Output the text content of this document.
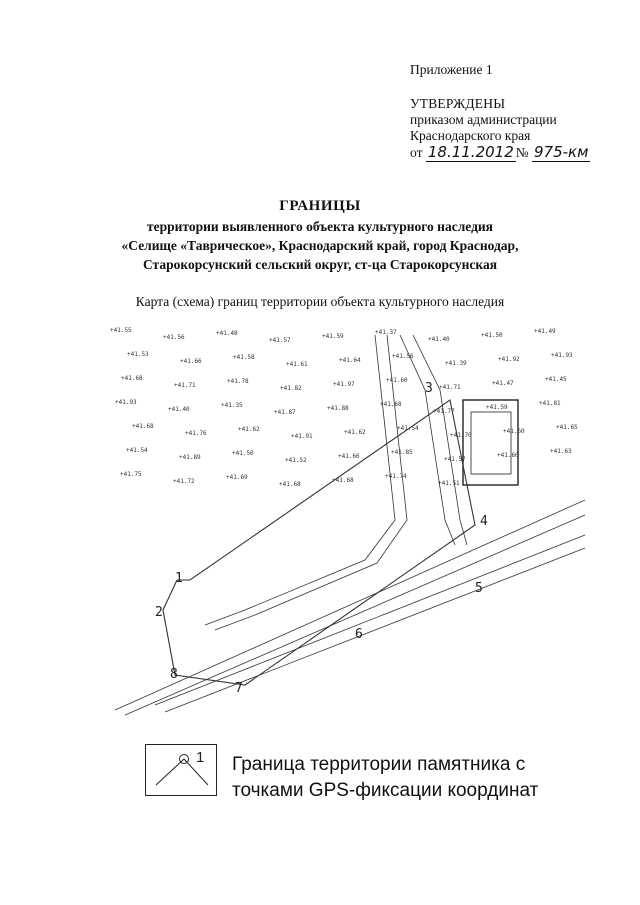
Приложение 1
УТВЕРЖДЕНЫ
приказом администрации
Краснодарского края
от 18.11.2012 № 975-км
ГРАНИЦЫ
территории выявленного объекта культурного наследия
«Селище «Таврическое», Краснодарский край, город Краснодар,
Старокорсунский сельский округ, ст-ца Старокорсунская
Карта (схема) границ территории объекта культурного наследия
1
2
3
4
5
6
7
8
+41.55
+41.56
+41.48
+41.57
+41.59
+41.37
+41.40
+41.50
+41.49
+41.53
+41.66
+41.58
+41.61
+41.64
+41.56
+41.39
+41.92
+41.93
+41.68
+41.71
+41.78
+41.82
+41.97
+41.60
+41.71
+41.47
+41.45
+41.93
+41.40
+41.35
+41.87
+41.88
+41.68
+41.77
+41.59
+41.81
+41.68
+41.76
+41.62
+41.91
+41.62
+41.54
+41.70
+41.60
+41.65
+41.54
+41.89
+41.50
+41.52
+41.66
+41.85
+41.57
+41.60
+41.63
+41.75
+41.72
+41.69
+41.68
+41.68
+41.74
+41.51
1 Граница территории памятника с
точками GPS-фиксации координат
